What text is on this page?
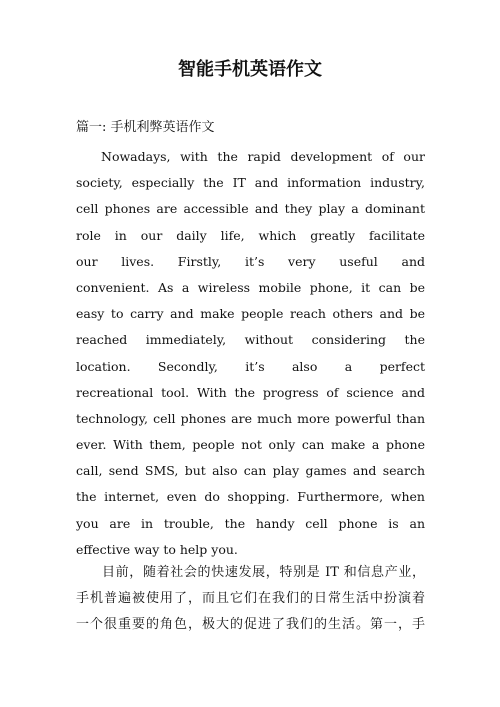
智能手机英语作文
篇一: 手机利弊英语作文
Nowadays, with the rapid development of our
society, especially the IT and information industry,
cell phones are accessible and they play a dominant
role in our daily life, which greatly facilitate
our lives. Firstly, it’s very useful and
convenient. As a wireless mobile phone, it can be
easy to carry and make people reach others and be
reached immediately, without considering the
location. Secondly, it’s also a perfect
recreational tool. With the progress of science and
technology, cell phones are much more powerful than
ever. With them, people not only can make a phone
call, send SMS, but also can play games and search
the internet, even do shopping. Furthermore, when
you are in trouble, the handy cell phone is an
effective way to help you.
目前，随着社会的快速发展，特别是 IT 和信息产业，
手机普遍被使用了，而且它们在我们的日常生活中扮演着
一个很重要的角色，极大的促进了我们的生活。第一，手
